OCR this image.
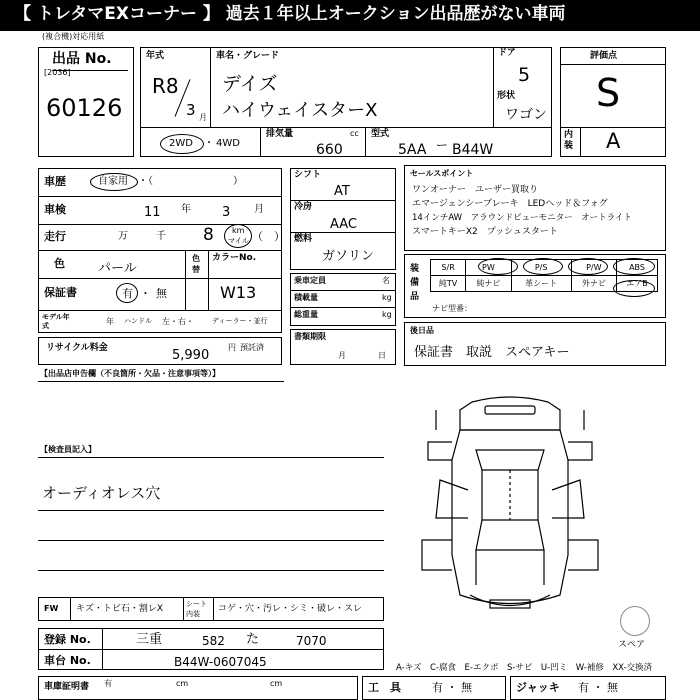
【 トレタマEXコーナー 】 過去１年以上オークション出品歴がない車両
(複合機)対応用紙
出品 No.
[2036]
60126
年式
R8
3 月
車名・グレード
デイズ
ハイウェイスターX
ドア
5
形状
ワゴン
2WD ・ 4WD
排気量	cc
660
型式
5AA ー B44W
評価点
S
内装 A
車歴	自家用 ・（　　　　　　　　）
車検	11 年 3 月
走行	万	千 8 km
マイル （　）
色	パール
色替
カラーNo.
W13
保証書	有 ・ 無
モデル年式	年 ハンドル 左・右・	ディーラー・並行
リサイクル料金	5,990
円 預託済
シフト
AT
冷房
AAC
燃料
ガソリン
乗車定員	名
積載量	kg
総重量	kg
書類期限
月	日
セールスポイント
ワンオーナー　ユーザー買取り
エマージェンシーブレーキ　LEDヘッド＆フォグ
14インチAW　アラウンドビューモニター　オートライト
スマートキーX2　プッシュスタート
装備品
S/R	PW	P/S	P/W	ABS
純TV	純ナビ	革シート	外ナビ	エアB
ナビ型番：
後日品
保証書　取説　スペアキー
【出品店申告欄（不良箇所・欠品・注意事項等）】
【検査員記入】
オーディオレス穴
スペア
FW キズ・トビ石・割レX	シート内装	コゲ・穴・汚レ・シミ・破レ・スレ
登録 No.	三重	582 た	7070
車台 No.	B44W-0607045	A-キズ　C-腐食　E-エクボ　S-サビ　U-凹ミ　W-補修　XX-交換済
車庫証明書 有	cm	cm	工　具	有 ・ 無	ジャッキ 有 ・ 無
